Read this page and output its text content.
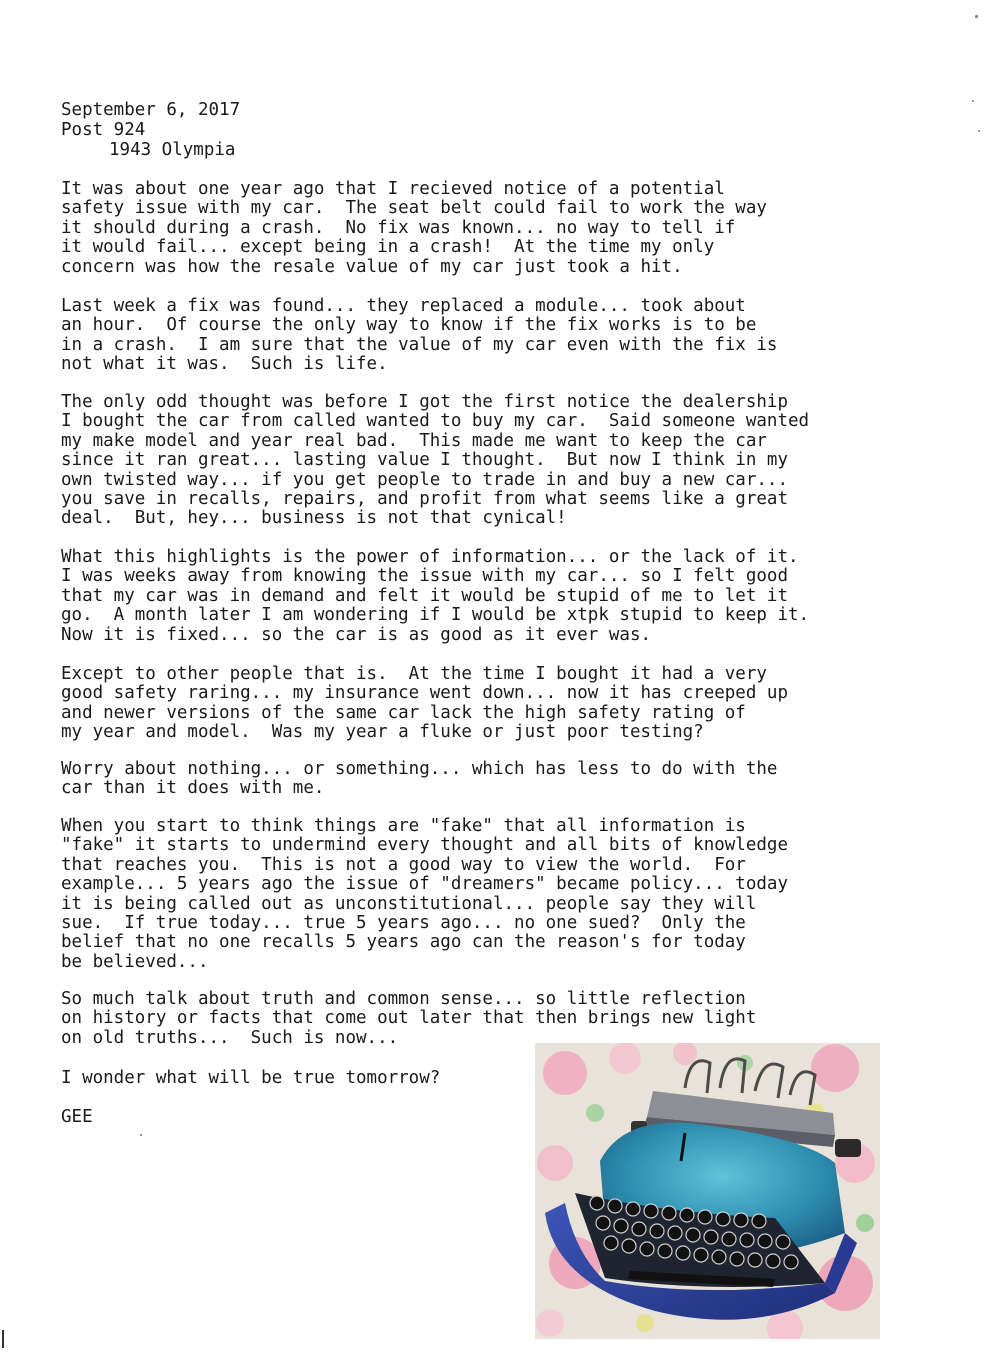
September 6, 2017
Post 924
1943 Olympia
It was about one year ago that I recieved notice of a potential
safety issue with my car.  The seat belt could fail to work the way
it should during a crash.  No fix was known... no way to tell if
it would fail... except being in a crash!  At the time my only
concern was how the resale value of my car just took a hit.
Last week a fix was found... they replaced a module... took about
an hour.  Of course the only way to know if the fix works is to be
in a crash.  I am sure that the value of my car even with the fix is
not what it was.  Such is life.
The only odd thought was before I got the first notice the dealership
I bought the car from called wanted to buy my car.  Said someone wanted
my make model and year real bad.  This made me want to keep the car
since it ran great... lasting value I thought.  But now I think in my
own twisted way... if you get people to trade in and buy a new car...
you save in recalls, repairs, and profit from what seems like a great
deal.  But, hey... business is not that cynical!
What this highlights is the power of information... or the lack of it.
I was weeks away from knowing the issue with my car... so I felt good
that my car was in demand and felt it would be stupid of me to let it
go.  A month later I am wondering if I would be xtpk stupid to keep it.
Now it is fixed... so the car is as good as it ever was.
Except to other people that is.  At the time I bought it had a very
good safety raring... my insurance went down... now it has creeped up
and newer versions of the same car lack the high safety rating of
my year and model.  Was my year a fluke or just poor testing?
Worry about nothing... or something... which has less to do with the
car than it does with me.
When you start to think things are "fake" that all information is
"fake" it starts to undermind every thought and all bits of knowledge
that reaches you.  This is not a good way to view the world.  For
example... 5 years ago the issue of "dreamers" became policy... today
it is being called out as unconstitutional... people say they will
sue.  If true today... true 5 years ago... no one sued?  Only the
belief that no one recalls 5 years ago can the reason's for today
be believed...
So much talk about truth and common sense... so little reflection
on history or facts that come out later that then brings new light
on old truths...  Such is now...
I wonder what will be true tomorrow?
GEE
